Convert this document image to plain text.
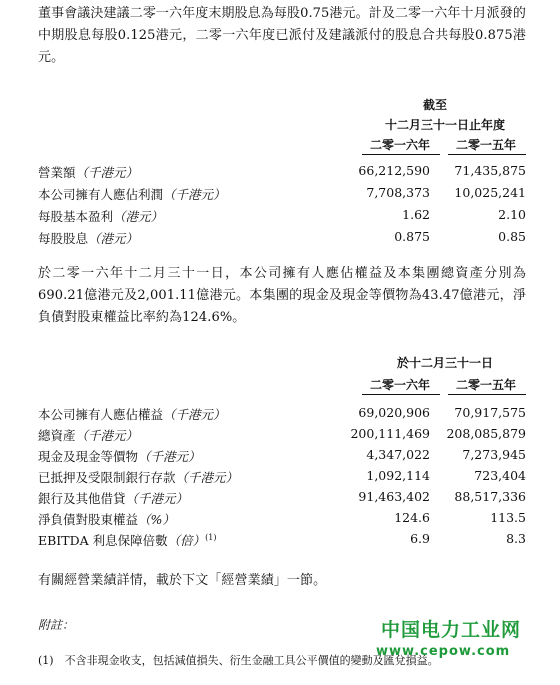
董事會議決建議二零一六年度末期股息為每股0.75港元。計及二零一六年十月派發的中期股息每股0.125港元，二零一六年度已派付及建議派付的股息合共每股0.875港元。
截至
十二月三十一日止年度
二零一六年	二零一五年
營業額（千港元）	66,212,590 71,435,875
本公司擁有人應佔利潤（千港元）	7,708,373 10,025,241
每股基本盈利（港元）	1.62	2.10
每股股息（港元）	0.875	0.85
於二零一六年十二月三十一日，本公司擁有人應佔權益及本集團總資產分別為690.21億港元及2,001.11億港元。本集團的現金及現金等價物為43.47億港元，淨負債對股東權益比率約為124.6%。
於十二月三十一日
二零一六年	二零一五年
本公司擁有人應佔權益（千港元）	69,020,906 70,917,575
總資產（千港元）	200,111,469 208,085,879
現金及現金等價物（千港元）	4,347,022	7,273,945
已抵押及受限制銀行存款（千港元）	1,092,114	723,404
銀行及其他借貸（千港元）	91,463,402 88,517,336
淨負債對股東權益（%）	124.6	113.5
EBITDA 利息保障倍數（倍）$^{(1)}$	6.9	8.3
有關經營業績詳情，載於下文「經營業績」一節。
附註：
(1)　不含非現金收支，包括減值損失、衍生金融工具公平價值的變動及匯兌損益。
中国电力工业网
www.cepow.com
